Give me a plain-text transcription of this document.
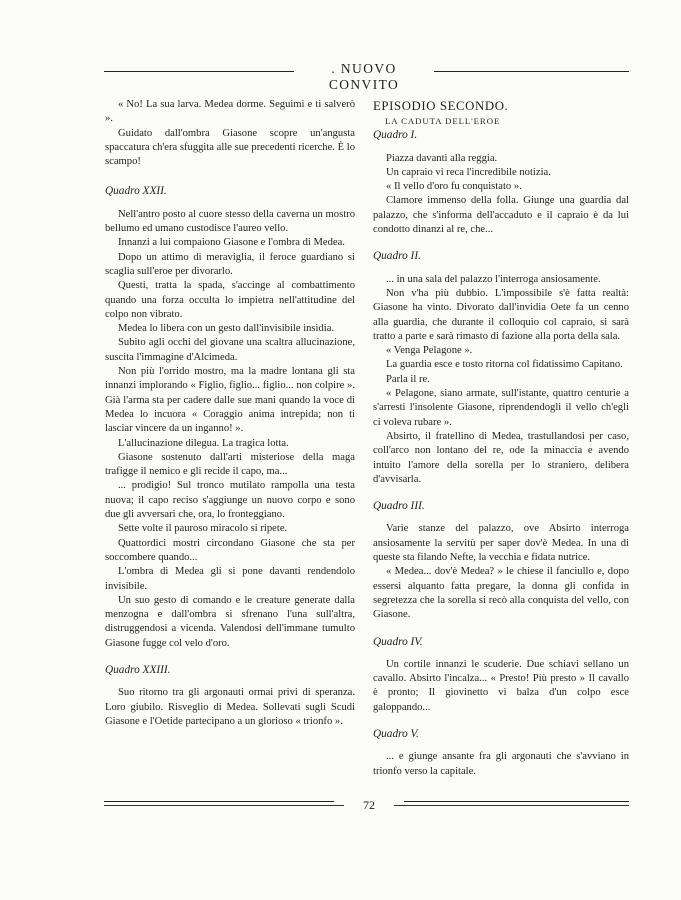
. NUOVO CONVITO

« No! La sua larva. Medea dorme. Seguimi e ti salverò ».

Guidato dall'ombra Giasone scopre un'angusta spaccatura ch'era sfuggita alle sue precedenti ricerche. È lo scampo!

Quadro XXII.

Nell'antro posto al cuore stesso della caverna un mostro bellumo ed umano custodisce l'aureo vello.

Innanzi a lui compaiono Giasone e l'ombra di Medea.

Dopo un attimo di meraviglia, il feroce guardiano si scaglia sull'eroe per divorarlo.

Questi, tratta la spada, s'accinge al combattimento quando una forza occulta lo impietra nell'attitudine del colpo non vibrato.

Medea lo libera con un gesto dall'invisibile insidia.

Subito agli occhi del giovane una scaltra allucinazione, suscita l'immagine d'Alcimeda.

Non più l'orrido mostro, ma la madre lontana gli sta innanzi implorando « Figlio, figlio... figlio... non colpire ». Già l'arma sta per cadere dalle sue mani quando la voce di Medea lo incuora « Coraggio anima intrepida; non ti lasciar vincere da un inganno! ».

L'allucinazione dilegua. La tragica lotta.

Giasone sostenuto dall'arti misteriose della maga trafigge il nemico e gli recide il capo, ma...

... prodigio! Sul tronco mutilato rampolla una testa nuova; il capo reciso s'aggiunge un nuovo corpo e sono due gli avversari che, ora, lo fronteggiano.

Sette volte il pauroso miracolo si ripete.

Quattordici mostri circondano Giasone che sta per soccombere quando...

L'ombra di Medea gli si pone davanti rendendolo invisibile.

Un suo gesto di comando e le creature generate dalla menzogna e dall'ombra si sfrenano l'una sull'altra, distruggendosi a vicenda. Valendosi dell'immane tumulto Giasone fugge col velo d'oro.

Quadro XXIII.

Suo ritorno tra gli argonauti ormai privi di speranza. Loro giubilo. Risveglio di Medea. Sollevati sugli Scudi Giasone e l'Oetide partecipano a un glorioso « trionfo ».

EPISODIO SECONDO.

LA CADUTA DELL'EROE

Quadro I.

Piazza davanti alla reggia.

Un capraio vi reca l'incredibile notizia.

« Il vello d'oro fu conquistato ».

Clamore immenso della folla. Giunge una guardia dal palazzo, che s'informa dell'accaduto e il capraio è da lui condotto dinanzi al re, che...

Quadro II.

... in una sala del palazzo l'interroga ansiosamente.

Non v'ha più dubbio. L'impossibile s'è fatta realtà: Giasone ha vinto. Divorato dall'invidia Oete fa un cenno alla guardia, che durante il colloquio col capraio, si sarà tratto a parte e sarà rimasto di fazione alla porta della sala.

« Venga Pelagone ».

La guardia esce e tosto ritorna col fidatissimo Capitano.

Parla il re.

« Pelagone, siano armate, sull'istante, quattro centurie a s'arresti l'insolente Giasone, riprendendogli il vello ch'egli ci voleva rubare ».

Absirto, il fratellino di Medea, trastullandosi per caso, coll'arco non lontano del re, ode la minaccia e avendo intuito l'amore della sorella per lo straniero, delibera d'avvisarla.

Quadro III.

Varie stanze del palazzo, ove Absirto interroga ansiosamente la servitù per saper dov'è Medea. In una di queste sta filando Nefte, la vecchia e fidata nutrice.

« Medea... dov'è Medea? » le chiese il fanciullo e, dopo essersi alquanto fatta pregare, la donna gli confida in segretezza che la sorella si recò alla conquista del vello, con Giasone.

Quadro IV.

Un cortile innanzi le scuderie. Due schiavi sellano un cavallo. Absirto l'incalza... « Presto! Più presto » Il cavallo è pronto; Il giovinetto vi balza d'un colpo esce galoppando...

Quadro V.

... e giunge ansante fra gli argonauti che s'avviano in trionfo verso la capitale.

72
